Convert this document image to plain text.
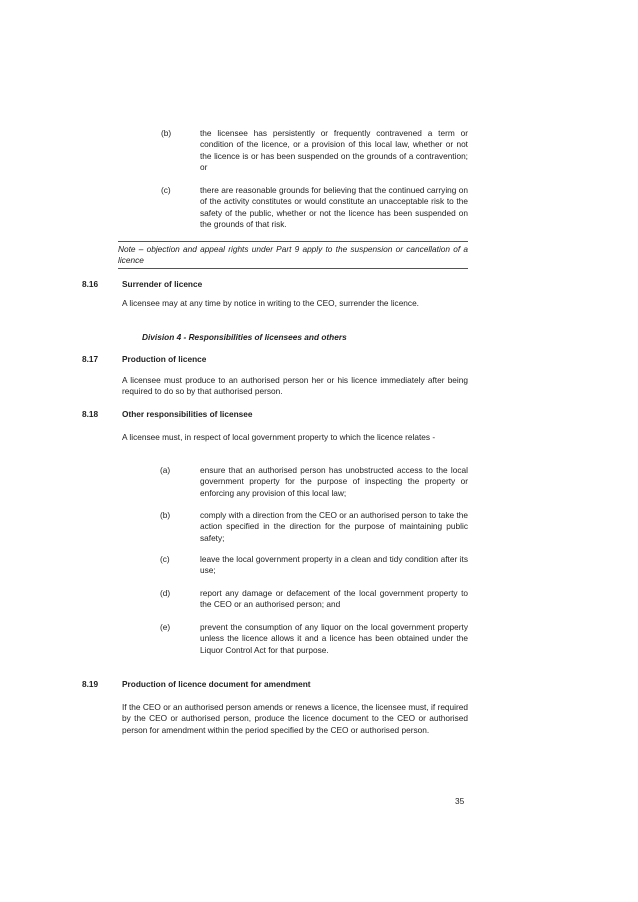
(b)	the licensee has persistently or frequently contravened a term or condition of the licence, or a provision of this local law, whether or not the licence is or has been suspended on the grounds of a contravention; or
(c)	there are reasonable grounds for believing that the continued carrying on of the activity constitutes or would constitute an unacceptable risk to the safety of the public, whether or not the licence has been suspended on the grounds of that risk.
Note – objection and appeal rights under Part 9 apply to the suspension or cancellation of a licence
8.16	Surrender of licence
A licensee may at any time by notice in writing to the CEO, surrender the licence.
Division 4 - Responsibilities of licensees and others
8.17	Production of licence
A licensee must produce to an authorised person her or his licence immediately after being required to do so by that authorised person.
8.18	Other responsibilities of licensee
A licensee must, in respect of local government property to which the licence relates -
(a)	ensure that an authorised person has unobstructed access to the local government property for the purpose of inspecting the property or enforcing any provision of this local law;
(b)	comply with a direction from the CEO or an authorised person to take the action specified in the direction for the purpose of maintaining public safety;
(c)	leave the local government property in a clean and tidy condition after its use;
(d)	report any damage or defacement of the local government property to the CEO or an authorised person; and
(e)	prevent the consumption of any liquor on the local government property unless the licence allows it and a licence has been obtained under the Liquor Control Act for that purpose.
8.19	Production of licence document for amendment
If the CEO or an authorised person amends or renews a licence, the licensee must, if required by the CEO or authorised person, produce the licence document to the CEO or authorised person for amendment within the period specified by the CEO or authorised person.
35
